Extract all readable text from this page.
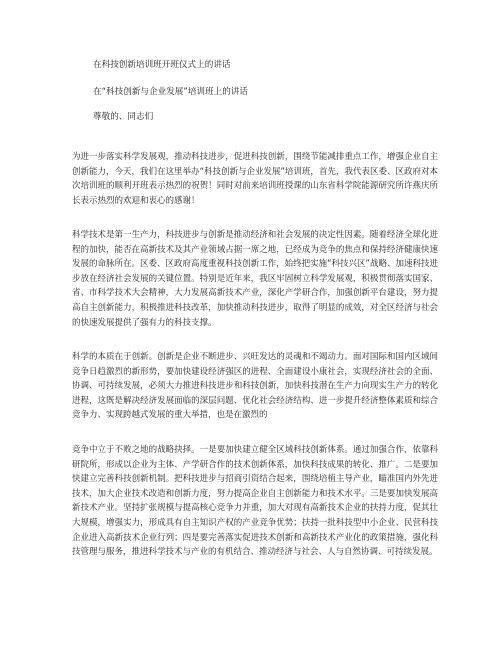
在科技创新培训班开班仪式上的讲话
在“科技创新与企业发展”培训班上的讲话
尊敬的、同志们
为进一步落实科学发展观，推动科技进步，促进科技创新，围绕节能减排重点工作，增强企业自主创新能力，今天，我们在这里举办“科技创新与企业发展”培训班，首先，我代表区委、区政府对本次培训班的顺利开班表示热烈的祝贺！同时对前来培训班授课的山东省科学院能源研究所许燕庆所长表示热烈的欢迎和衷心的感谢！
科学技术是第一生产力，科技进步与创新是推动经济和社会发展的决定性因素。随着经济全球化进程的加快，能否在高新技术及其产业领域占据一席之地，已经成为竞争的焦点和保持经济健康快速发展的命脉所在。区委、区政府高度重视科技创新工作，始终把实施“科技兴区”战略、加速科技进步放在经济社会发展的关键位置。特别是近年来，我区牢固树立科学发展观，积极贯彻落实国家、省、市科学技术大会精神，大力发展高新技术产业，深化产学研合作，加强创新平台建设，努力提高自主创新能力，积极推进科技改革，加快推动科技进步，取得了明显的成效，对全区经济与社会的快速发展提供了强有力的科技支撑。
科学的本质在于创新。创新是企业不断进步、兴旺发达的灵魂和不竭动力。面对国际和国内区域间竞争日趋激烈的新形势，要加快建设经济强区的进程、全面建设小康社会，实现经济社会的全面、协调、可持续发展，必须大力推进科技进步和科技创新，加快科技潜在生产力向现实生产力的转化进程，这既是解决经济发展面临的深层问题、优化社会经济结构、进一步提升经济整体素质和综合竞争力、实现跨越式发展的重大举措，也是在激烈的
竞争中立于不败之地的战略抉择。一是要加快建立健全区域科技创新体系。通过加强合作，依靠科研院所，形成以企业为主体、产学研合作的技术创新体系，加快科技成果的转化、推广。二是要加快建立完善科技创新机制。把科技进步与招商引资结合起来，围绕培植主导产业，瞄准国内外先进技术，加大企业技术改造和创新力度，努力提高企业自主创新能力和技术水平。三是要加快发展高新技术产业。坚持扩张规模与提高核心竞争力并重，加大对现有高新技术企业的扶持力度，促其壮大规模，增强实力，形成具有自主知识产权的产业竞争优势；扶持一批科技型中小企业、民营科技企业进入高新技术企业行列；四是要完善落实促进技术创新和高新技术产业化的政策措施，强化科技管理与服务，推进科学技术与产业的有机结合、推动经济与社会、人与自然协调、可持续发展。
